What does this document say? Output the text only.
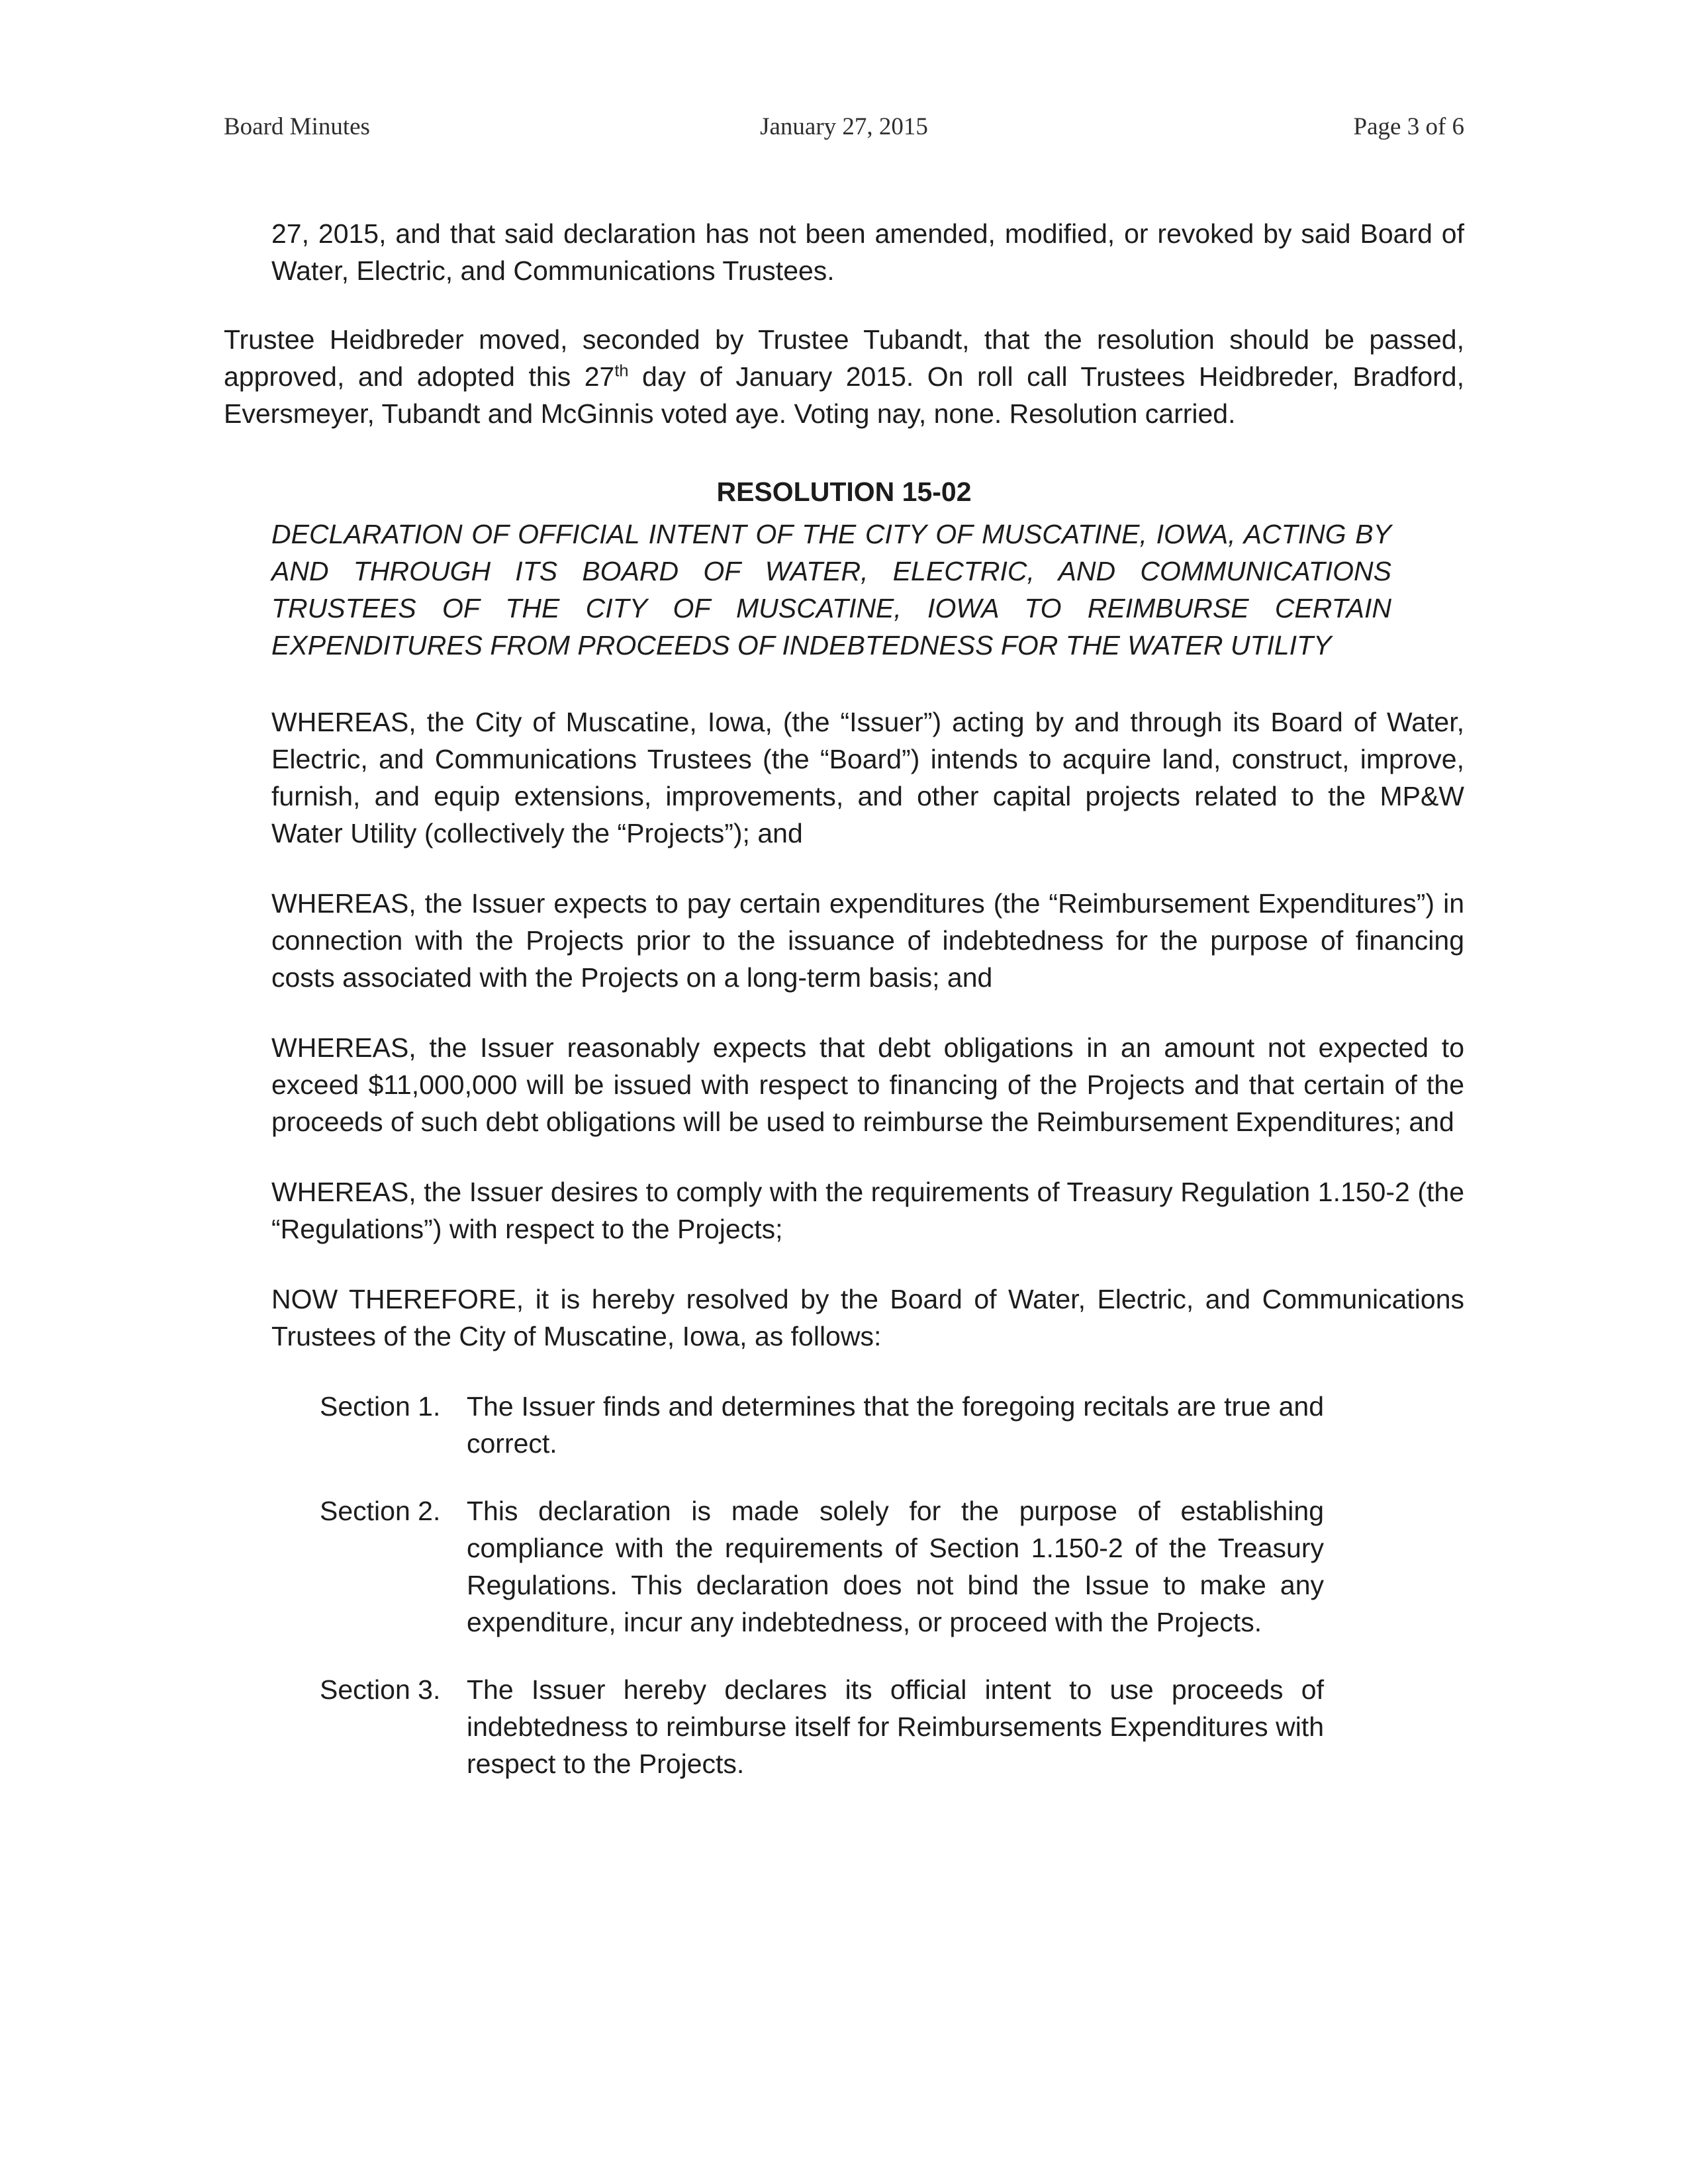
Board Minutes	January 27, 2015	Page 3 of 6

27, 2015, and that said declaration has not been amended, modified, or revoked by said Board of Water, Electric, and Communications Trustees.

Trustee Heidbreder moved, seconded by Trustee Tubandt, that the resolution should be passed, approved, and adopted this 27th day of January 2015. On roll call Trustees Heidbreder, Bradford, Eversmeyer, Tubandt and McGinnis voted aye. Voting nay, none. Resolution carried.

RESOLUTION 15-02

DECLARATION OF OFFICIAL INTENT OF THE CITY OF MUSCATINE, IOWA, ACTING BY AND THROUGH ITS BOARD OF WATER, ELECTRIC, AND COMMUNICATIONS TRUSTEES OF THE CITY OF MUSCATINE, IOWA TO REIMBURSE CERTAIN EXPENDITURES FROM PROCEEDS OF INDEBTEDNESS FOR THE WATER UTILITY

WHEREAS, the City of Muscatine, Iowa, (the “Issuer”) acting by and through its Board of Water, Electric, and Communications Trustees (the “Board”) intends to acquire land, construct, improve, furnish, and equip extensions, improvements, and other capital projects related to the MP&W Water Utility (collectively the “Projects”); and

WHEREAS, the Issuer expects to pay certain expenditures (the “Reimbursement Expenditures”) in connection with the Projects prior to the issuance of indebtedness for the purpose of financing costs associated with the Projects on a long-term basis; and

WHEREAS, the Issuer reasonably expects that debt obligations in an amount not expected to exceed $11,000,000 will be issued with respect to financing of the Projects and that certain of the proceeds of such debt obligations will be used to reimburse the Reimbursement Expenditures; and

WHEREAS, the Issuer desires to comply with the requirements of Treasury Regulation 1.150-2 (the “Regulations”) with respect to the Projects;

NOW THEREFORE, it is hereby resolved by the Board of Water, Electric, and Communications Trustees of the City of Muscatine, Iowa, as follows:

Section 1. The Issuer finds and determines that the foregoing recitals are true and correct.
Section 2. This declaration is made solely for the purpose of establishing compliance with the requirements of Section 1.150-2 of the Treasury Regulations. This declaration does not bind the Issue to make any expenditure, incur any indebtedness, or proceed with the Projects.
Section 3. The Issuer hereby declares its official intent to use proceeds of indebtedness to reimburse itself for Reimbursements Expenditures with respect to the Projects.
